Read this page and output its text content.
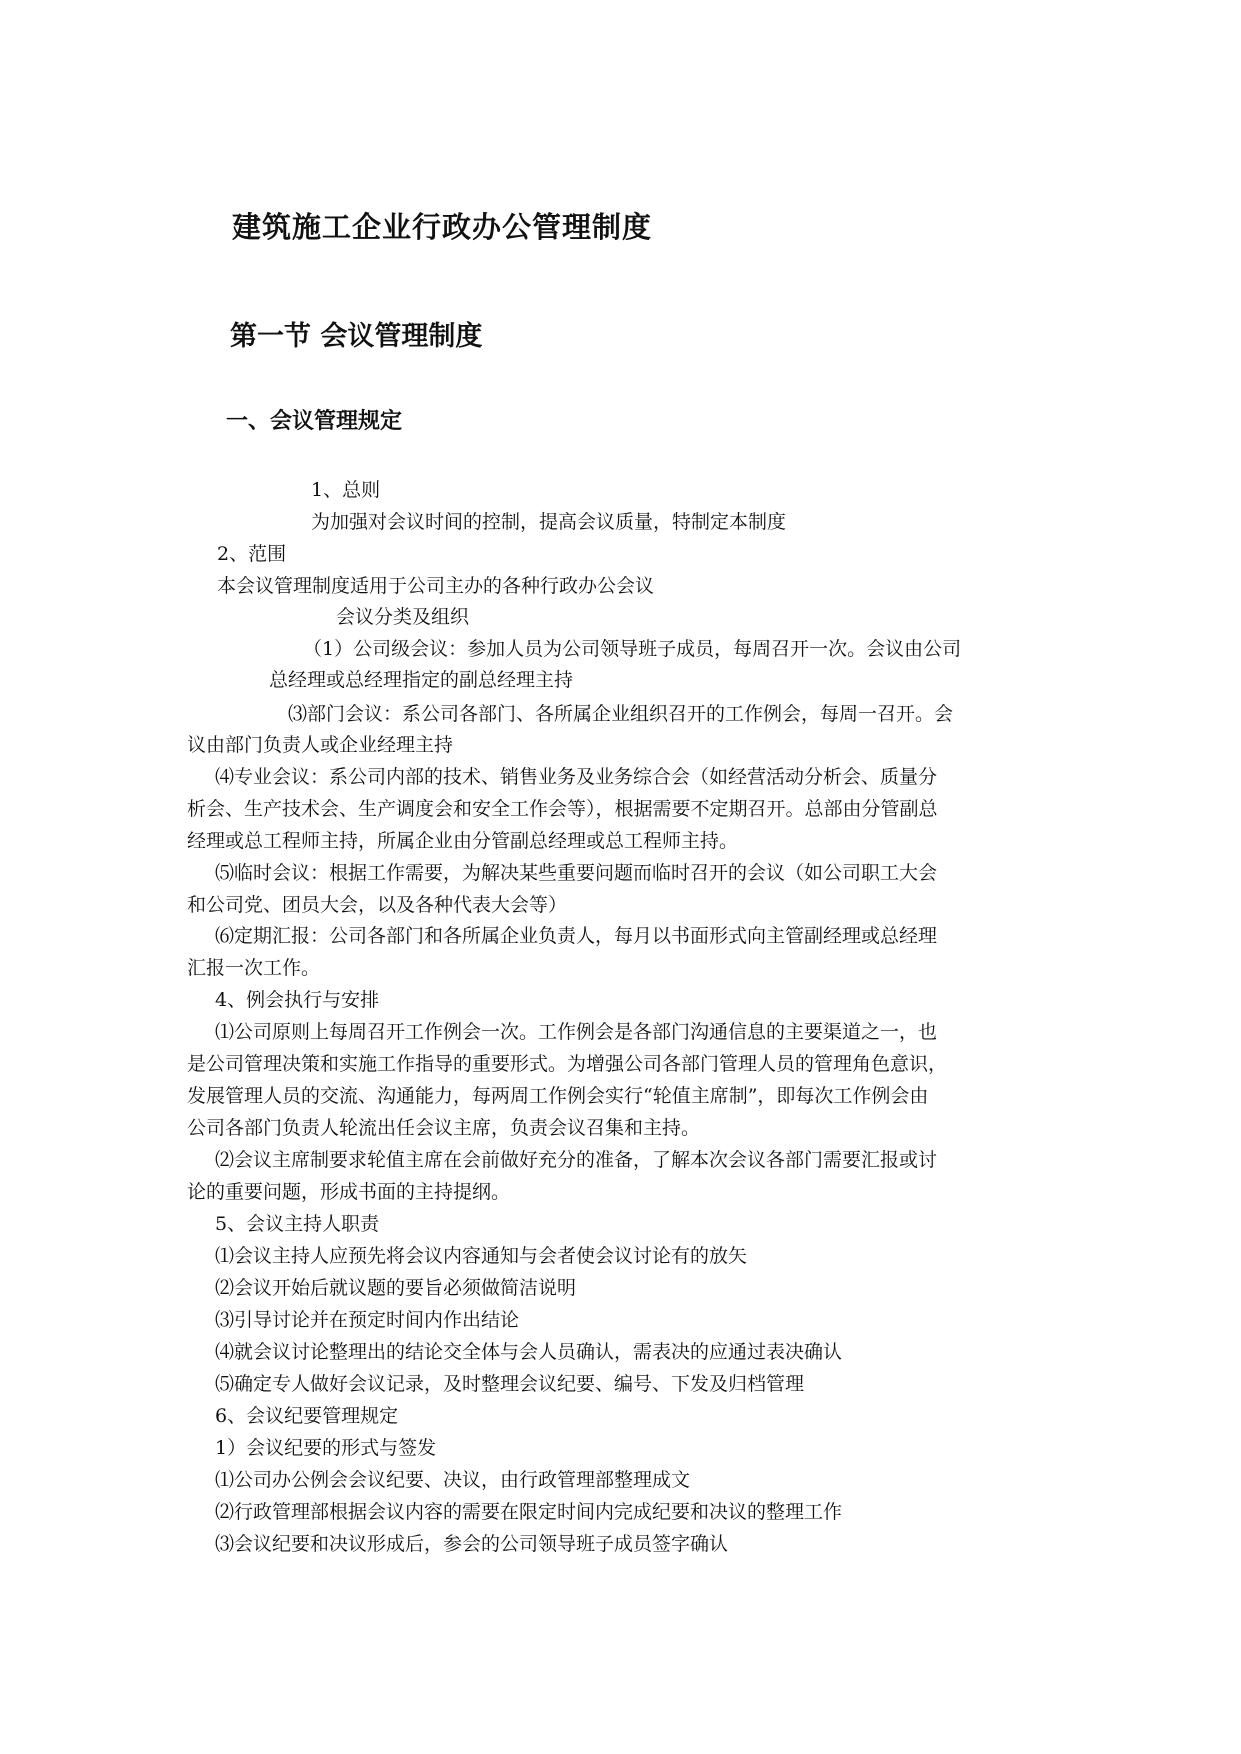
建筑施工企业行政办公管理制度
第一节 会议管理制度
一、会议管理规定
1、总则
为加强对会议时间的控制，提高会议质量，特制定本制度
2、范围
本会议管理制度适用于公司主办的各种行政办公会议
会议分类及组织
（1）公司级会议：参加人员为公司领导班子成员，每周召开一次。会议由公司
总经理或总经理指定的副总经理主持
⑶部门会议：系公司各部门、各所属企业组织召开的工作例会，每周一召开。会
议由部门负责人或企业经理主持
⑷专业会议：系公司内部的技术、销售业务及业务综合会（如经营活动分析会、质量分
析会、生产技术会、生产调度会和安全工作会等），根据需要不定期召开。总部由分管副总
经理或总工程师主持，所属企业由分管副总经理或总工程师主持。
⑸临时会议：根据工作需要，为解决某些重要问题而临时召开的会议（如公司职工大会
和公司党、团员大会，以及各种代表大会等）
⑹定期汇报：公司各部门和各所属企业负责人，每月以书面形式向主管副经理或总经理
汇报一次工作。
4、例会执行与安排
⑴公司原则上每周召开工作例会一次。工作例会是各部门沟通信息的主要渠道之一，也
是公司管理决策和实施工作指导的重要形式。为增强公司各部门管理人员的管理角色意识，
发展管理人员的交流、沟通能力，每两周工作例会实行“轮值主席制”，即每次工作例会由
公司各部门负责人轮流出任会议主席，负责会议召集和主持。
⑵会议主席制要求轮值主席在会前做好充分的准备，了解本次会议各部门需要汇报或讨
论的重要问题，形成书面的主持提纲。
5、会议主持人职责
⑴会议主持人应预先将会议内容通知与会者使会议讨论有的放矢
⑵会议开始后就议题的要旨必须做简洁说明
⑶引导讨论并在预定时间内作出结论
⑷就会议讨论整理出的结论交全体与会人员确认，需表决的应通过表决确认
⑸确定专人做好会议记录，及时整理会议纪要、编号、下发及归档管理
6、会议纪要管理规定
1）会议纪要的形式与签发
⑴公司办公例会会议纪要、决议，由行政管理部整理成文
⑵行政管理部根据会议内容的需要在限定时间内完成纪要和决议的整理工作
⑶会议纪要和决议形成后，参会的公司领导班子成员签字确认
